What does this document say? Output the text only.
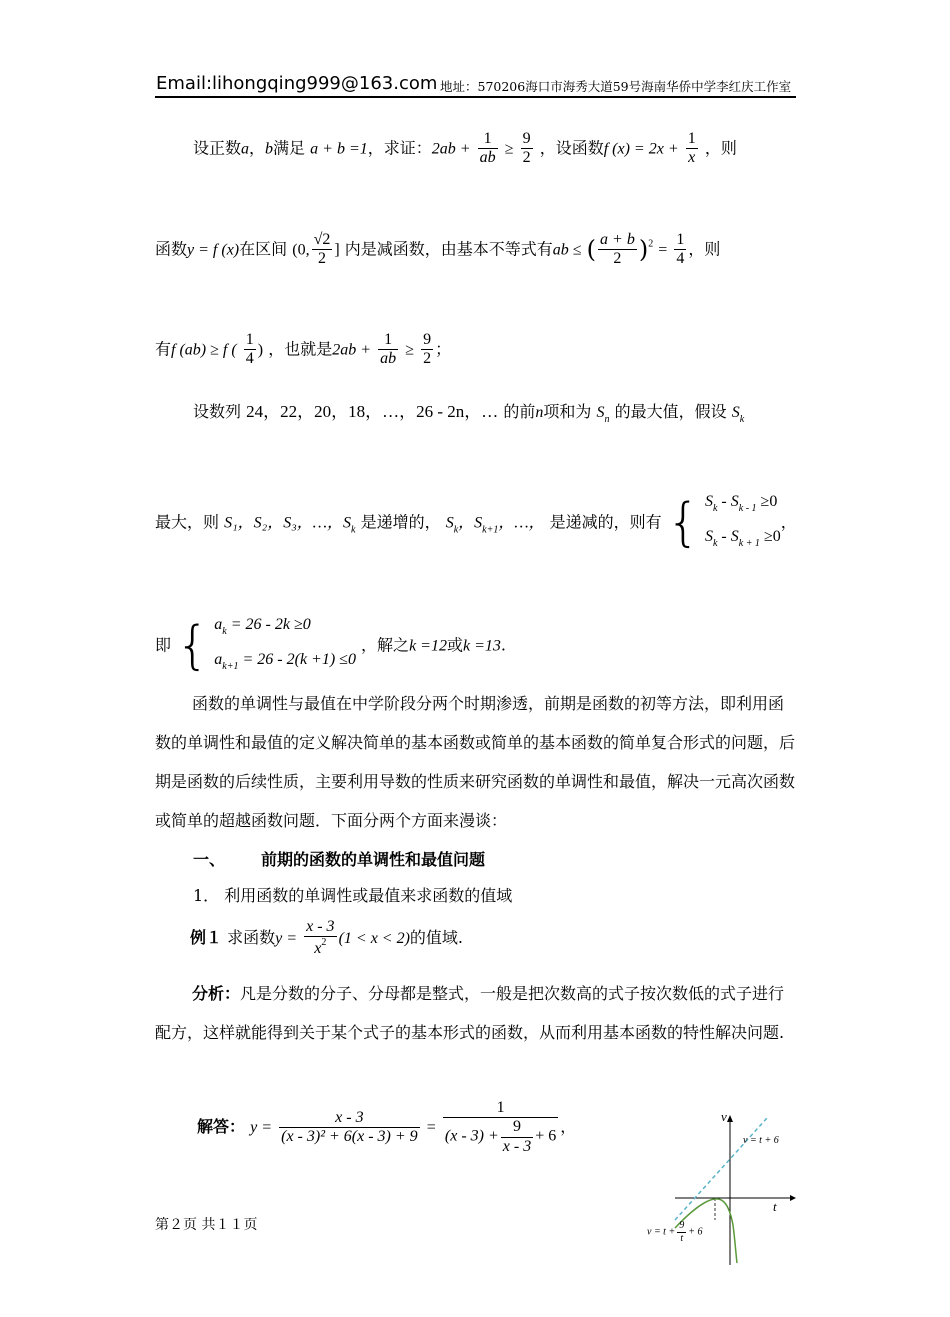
Email:lihongqing999@163.com 地址：570206海口市海秀大道59号海南华侨中学李红庆工作室
设正数a，b满足 a + b =1，求证：$2ab + \frac{1}{ab} \ge \frac{9}{2}$ ，设函数f $(x) = 2x + \frac{1}{x}$ ，则
函数y = f (x)在区间 (0, $\frac{√2}{2}$ ] 内是减函数，由基本不等式有ab ≤ ( $\frac{a + b}{2} )^2 = \frac{1}{4}$ ，则
有f (ab) ≥ f ( $\frac{1}{4}$ ) ，也就是$2ab + \frac{1}{ab} \ge \frac{9}{2}$ ；
设数列 24，22，20，18，…，26 - 2n，… 的前n项和为 $S_n$ 的最大值，假设 $S_k$
最大，则 S₁，S₂，S₃，…，$S_k$ 是递增的， $S_k$，$S_{k+1}$，…， 是递减的，则有 { $S_k - S_{k - 1} \ge 0$
$S_k - S_{k + 1} \ge 0$，
即 { $a_k = 26 - 2k \ge 0$
$a_{k+1} = 26 - 2(k +1) \le 0$ ，解之k =12或k =13.
函数的单调性与最值在中学阶段分两个时期渗透，前期是函数的初等方法，即利用函数的单调性和最值的定义解决简单的基本函数或简单的基本函数的简单复合形式的问题，后期是函数的后续性质，主要利用导数的性质来研究函数的单调性和最值，解决一元高次函数或简单的超越函数问题．下面分两个方面来漫谈：
一、 前期的函数的单调性和最值问题
1． 利用函数的单调性或最值来求函数的值域
例１ 求函数$y = \frac{x - 3}{x^2} (1 < x < 2)$的值域.
分析：凡是分数的分子、分母都是整式，一般是把次数高的式子按次数低的式子进行配方，这样就能得到关于某个式子的基本形式的函数，从而利用基本函数的特性解决问题.
解答： $y = \frac{x - 3}{\text{(x - 3)² + 6(x - 3) + 9}} = \frac{1}{(x - 3) + \frac{9}{x - 3} + 6}$ ，
v
t
v = t + 6
$v = t + \frac{9}{t} + 6$
第２页 共１１页
